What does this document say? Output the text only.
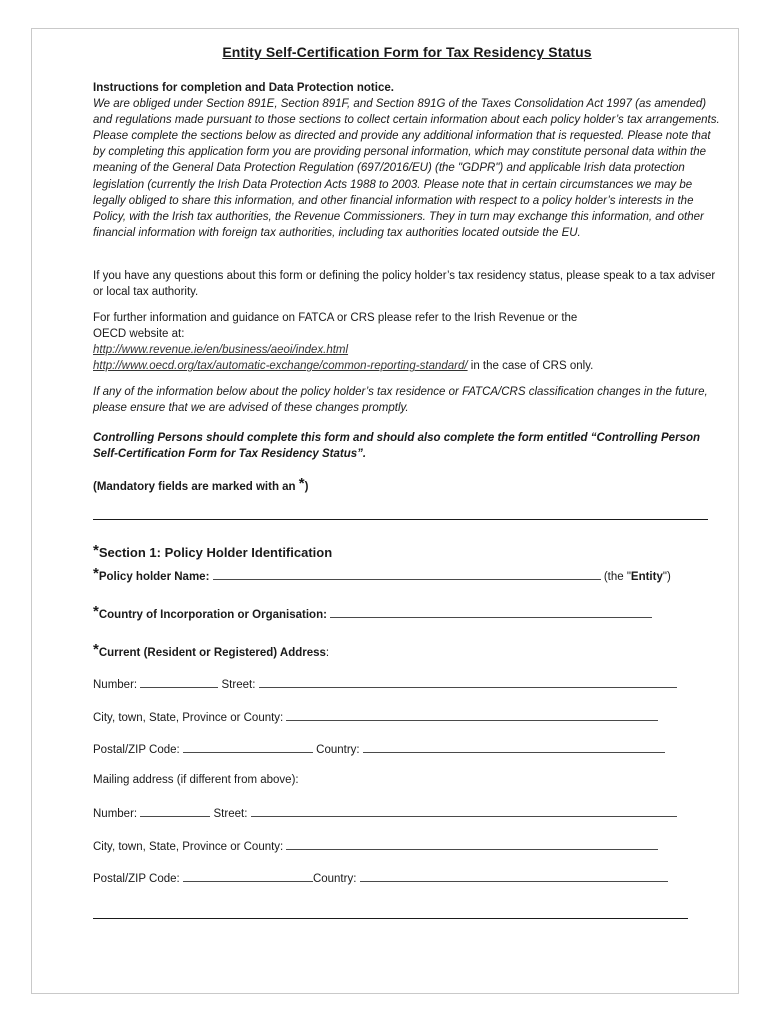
Entity Self-Certification Form for Tax Residency Status

Instructions for completion and Data Protection notice.
We are obliged under Section 891E, Section 891F, and Section 891G of the Taxes Consolidation Act 1997 (as amended) and regulations made pursuant to those sections to collect certain information about each policy holder’s tax arrangements. Please complete the sections below as directed and provide any additional information that is requested. Please note that by completing this application form you are providing personal information, which may constitute personal data within the meaning of the General Data Protection Regulation (697/2016/EU) (the "GDPR") and applicable Irish data protection legislation (currently the Irish Data Protection Acts 1988 to 2003. Please note that in certain circumstances we may be legally obliged to share this information, and other financial information with respect to a policy holder’s interests in the Policy, with the Irish tax authorities, the Revenue Commissioners. They in turn may exchange this information, and other financial information with foreign tax authorities, including tax authorities located outside the EU.

If you have any questions about this form or defining the policy holder’s tax residency status, please speak to a tax adviser or local tax authority.

For further information and guidance on FATCA or CRS please refer to the Irish Revenue or the
OECD website at:
http://www.revenue.ie/en/business/aeoi/index.html
http://www.oecd.org/tax/automatic-exchange/common-reporting-standard/ in the case of CRS only.

If any of the information below about the policy holder’s tax residence or FATCA/CRS classification changes in the future, please ensure that we are advised of these changes promptly.

Controlling Persons should complete this form and should also complete the form entitled “Controlling Person Self-Certification Form for Tax Residency Status”.

(Mandatory fields are marked with an *)

*Section 1: Policy Holder Identification
*Policy holder Name:	(the "Entity")
*Country of Incorporation or Organisation:
*Current (Resident or Registered) Address:
Number:	Street:
City, town, State, Province or County:
Postal/ZIP Code:	Country:
Mailing address (if different from above):
Number:	Street:
City, town, State, Province or County:
Postal/ZIP Code:	Country:
